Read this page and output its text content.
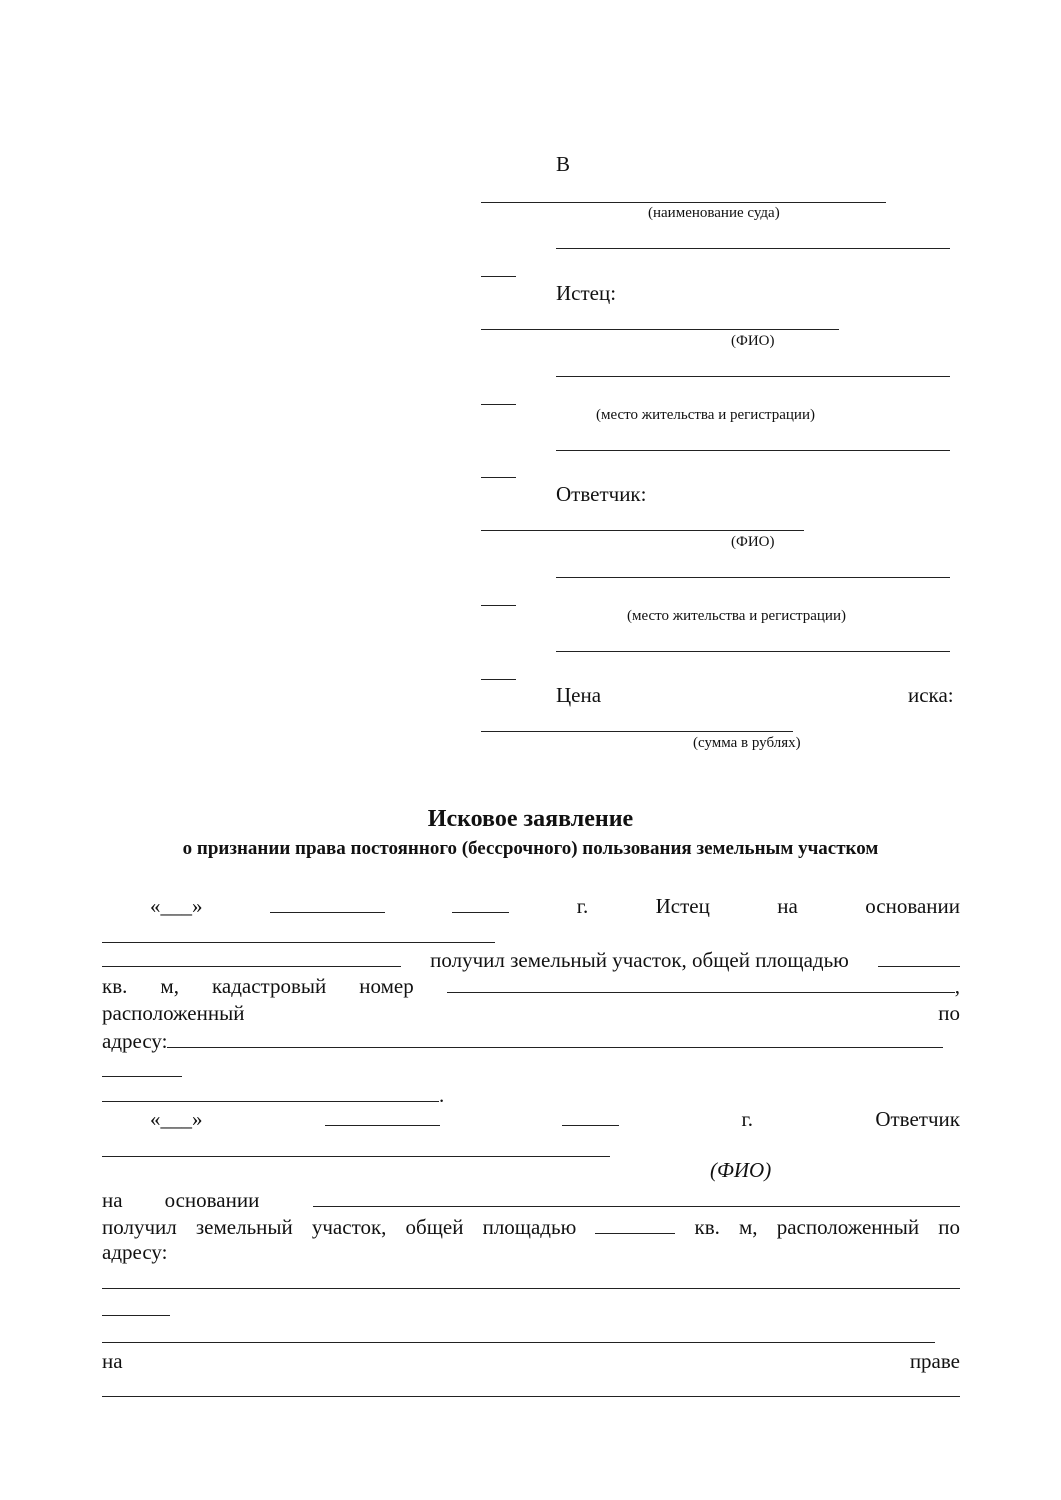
В
(наименование суда)
Истец:
(ФИО)
(место жительства и регистрации)
Ответчик:
(ФИО)
(место жительства и регистрации)
Цена	иска:
(сумма в рублях)
Исковое заявление
о признании права постоянного (бессрочного) пользования земельным участком
«___»	г.	Истец	на	основании
получил земельный участок, общей площадью
кв. м, кадастровый номер	,
расположенный	по
адресу:
.
«___»	г.	Ответчик
(ФИО)
на основании
получил земельный участок, общей площадью	кв. м, расположенный по
адресу:
на	праве
